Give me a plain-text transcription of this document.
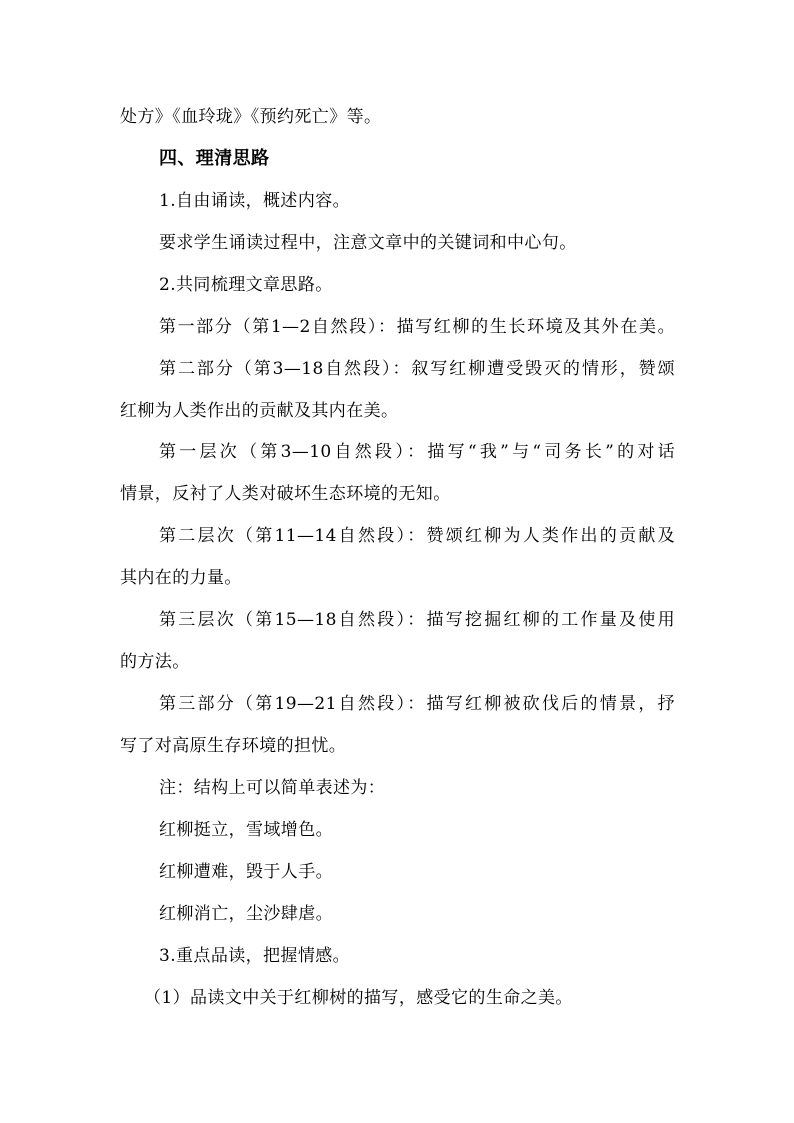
处方》《血玲珑》《预约死亡》等。
四、理清思路
1.自由诵读，概述内容。
要求学生诵读过程中，注意文章中的关键词和中心句。
2.共同梳理文章思路。
第一部分（第1—2自然段）：描写红柳的生长环境及其外在美。
第二部分（第3—18自然段）：叙写红柳遭受毁灭的情形，赞颂
红柳为人类作出的贡献及其内在美。
第一层次（第3—10自然段）：描写“我”与“司务长”的对话
情景，反衬了人类对破坏生态环境的无知。
第二层次（第11—14自然段）：赞颂红柳为人类作出的贡献及
其内在的力量。
第三层次（第15—18自然段）：描写挖掘红柳的工作量及使用
的方法。
第三部分（第19—21自然段）：描写红柳被砍伐后的情景，抒
写了对高原生存环境的担忧。
注：结构上可以简单表述为：
红柳挺立，雪域增色。
红柳遭难，毁于人手。
红柳消亡，尘沙肆虐。
3.重点品读，把握情感。
（1）品读文中关于红柳树的描写，感受它的生命之美。
